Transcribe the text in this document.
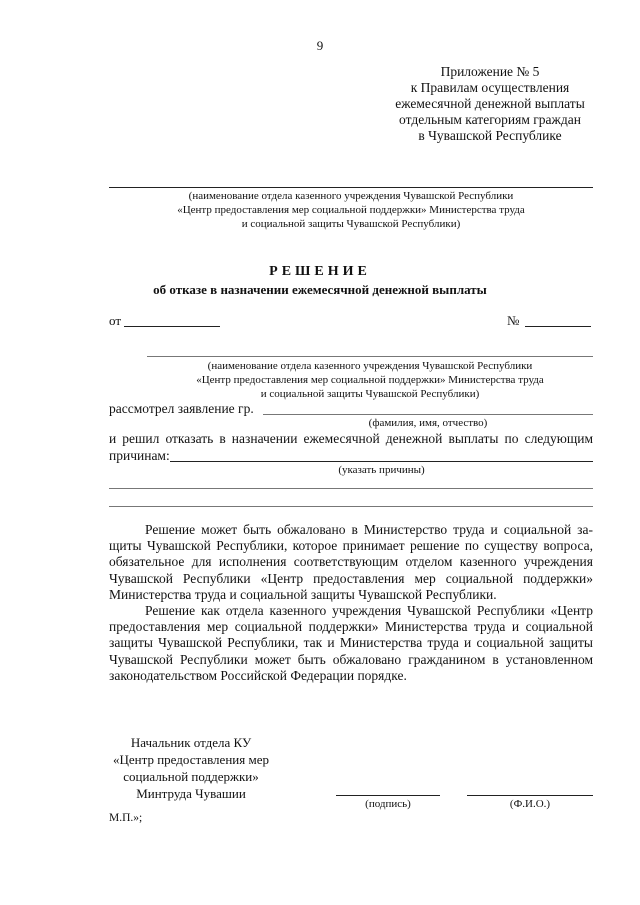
9
Приложение № 5
к Правилам осуществления
ежемесячной денежной выплаты
отдельным категориям граждан
в Чувашской Республике
(наименование отдела казенного учреждения Чувашской Республики
«Центр предоставления мер социальной поддержки» Министерства труда
и социальной защиты Чувашской Республики)
РЕШЕНИЕ
об отказе в назначении ежемесячной денежной выплаты
от	№
(наименование отдела казенного учреждения Чувашской Республики
«Центр предоставления мер социальной поддержки» Министерства труда
и социальной защиты Чувашской Республики)
рассмотрел заявление гр.
(фамилия, имя, отчество)
и решил отказать в назначении ежемесячной денежной выплаты по следующим
причинам:
(указать причины)
Решение может быть обжаловано в Министерство труда и социальной за-
щиты Чувашской Республики, которое принимает решение по существу вопроса,
обязательное для исполнения соответствующим отделом казенного учреждения
Чувашской Республики «Центр предоставления мер социальной поддержки»
Министерства труда и социальной защиты Чувашской Республики.
Решение как отдела казенного учреждения Чувашской Республики «Центр
предоставления мер социальной поддержки» Министерства труда и социальной
защиты Чувашской Республики, так и Министерства труда и социальной защиты
Чувашской Республики может быть обжаловано гражданином в установленном
законодательством Российской Федерации порядке.
Начальник отдела КУ
«Центр предоставления мер
социальной поддержки»
Минтруда Чувашии
(подпись)	(Ф.И.О.)
М.П.»;
